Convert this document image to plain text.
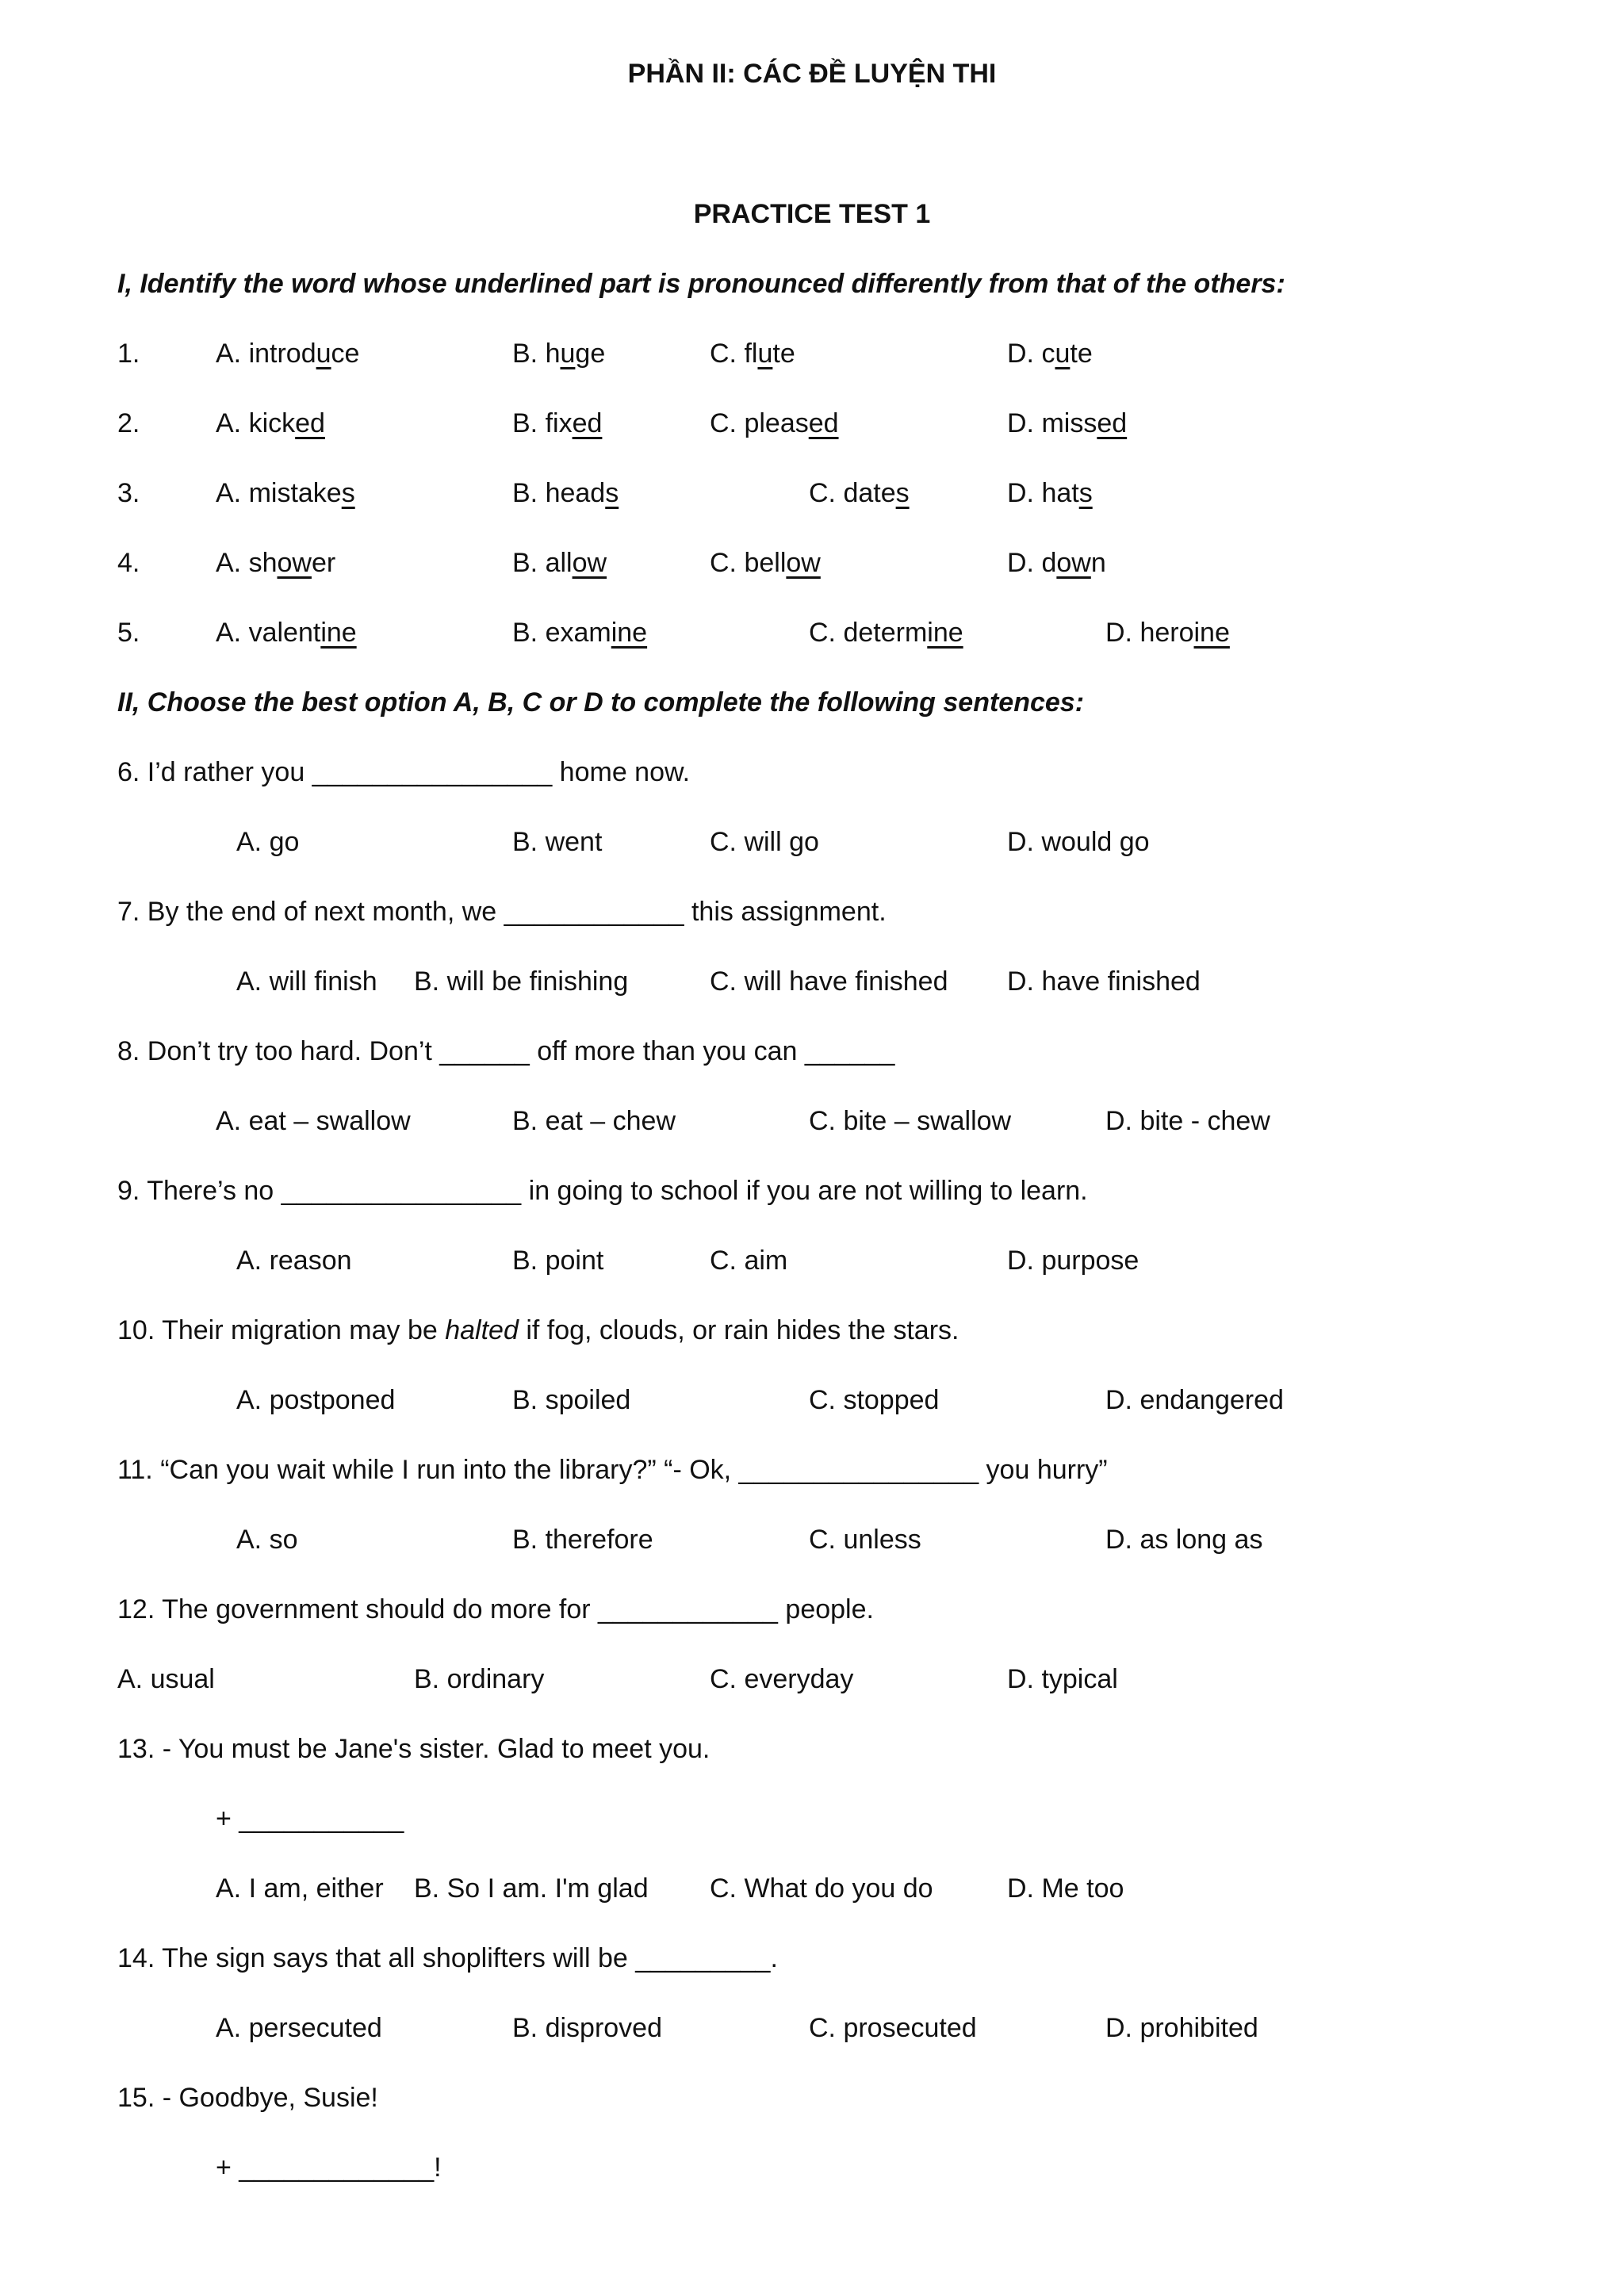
PHẦN II: CÁC ĐỀ LUYỆN THI
PRACTICE TEST 1
I, Identify the word whose underlined part is pronounced differently from that of the others:
1.	A. introduce	B. huge	C. flute	D. cute
2.	A. kicked	B. fixed	C. pleased	D. missed
3.	A. mistakes	B. heads	C. dates	D. hats
4.	A. shower	B. allow	C. bellow	D. down
5.	A. valentine	B. examine	C. determine	D. heroine
II, Choose the best option A, B, C or D to complete the following sentences:
6. I’d rather you ________________ home now.
A. go	B. went	C. will go	D. would go
7. By the end of next month, we ____________ this assignment.
A. will finish B. will be finishing	C. will have finished D. have finished
8. Don’t try too hard. Don’t ______ off more than you can ______
A. eat – swallow	B. eat – chew	C. bite – swallow	D. bite - chew
9. There’s no ________________ in going to school if you are not willing to learn.
A. reason	B. point	C. aim	D. purpose
10. Their migration may be halted if fog, clouds, or rain hides the stars.
A. postponed	B. spoiled	C. stopped	D. endangered
11. “Can you wait while I run into the library?” “- Ok, ________________ you hurry”
A. so	B. therefore	C. unless	D. as long as
12. The government should do more for ____________ people.
A. usual	B. ordinary	C. everyday	D. typical
13. - You must be Jane's sister. Glad to meet you.
+ ___________
A. I am, either B. So I am. I'm glad C. What do you do	D. Me too
14. The sign says that all shoplifters will be _________.
A. persecuted	B. disproved	C. prosecuted	D. prohibited
15. - Goodbye, Susie!
+ _____________!
